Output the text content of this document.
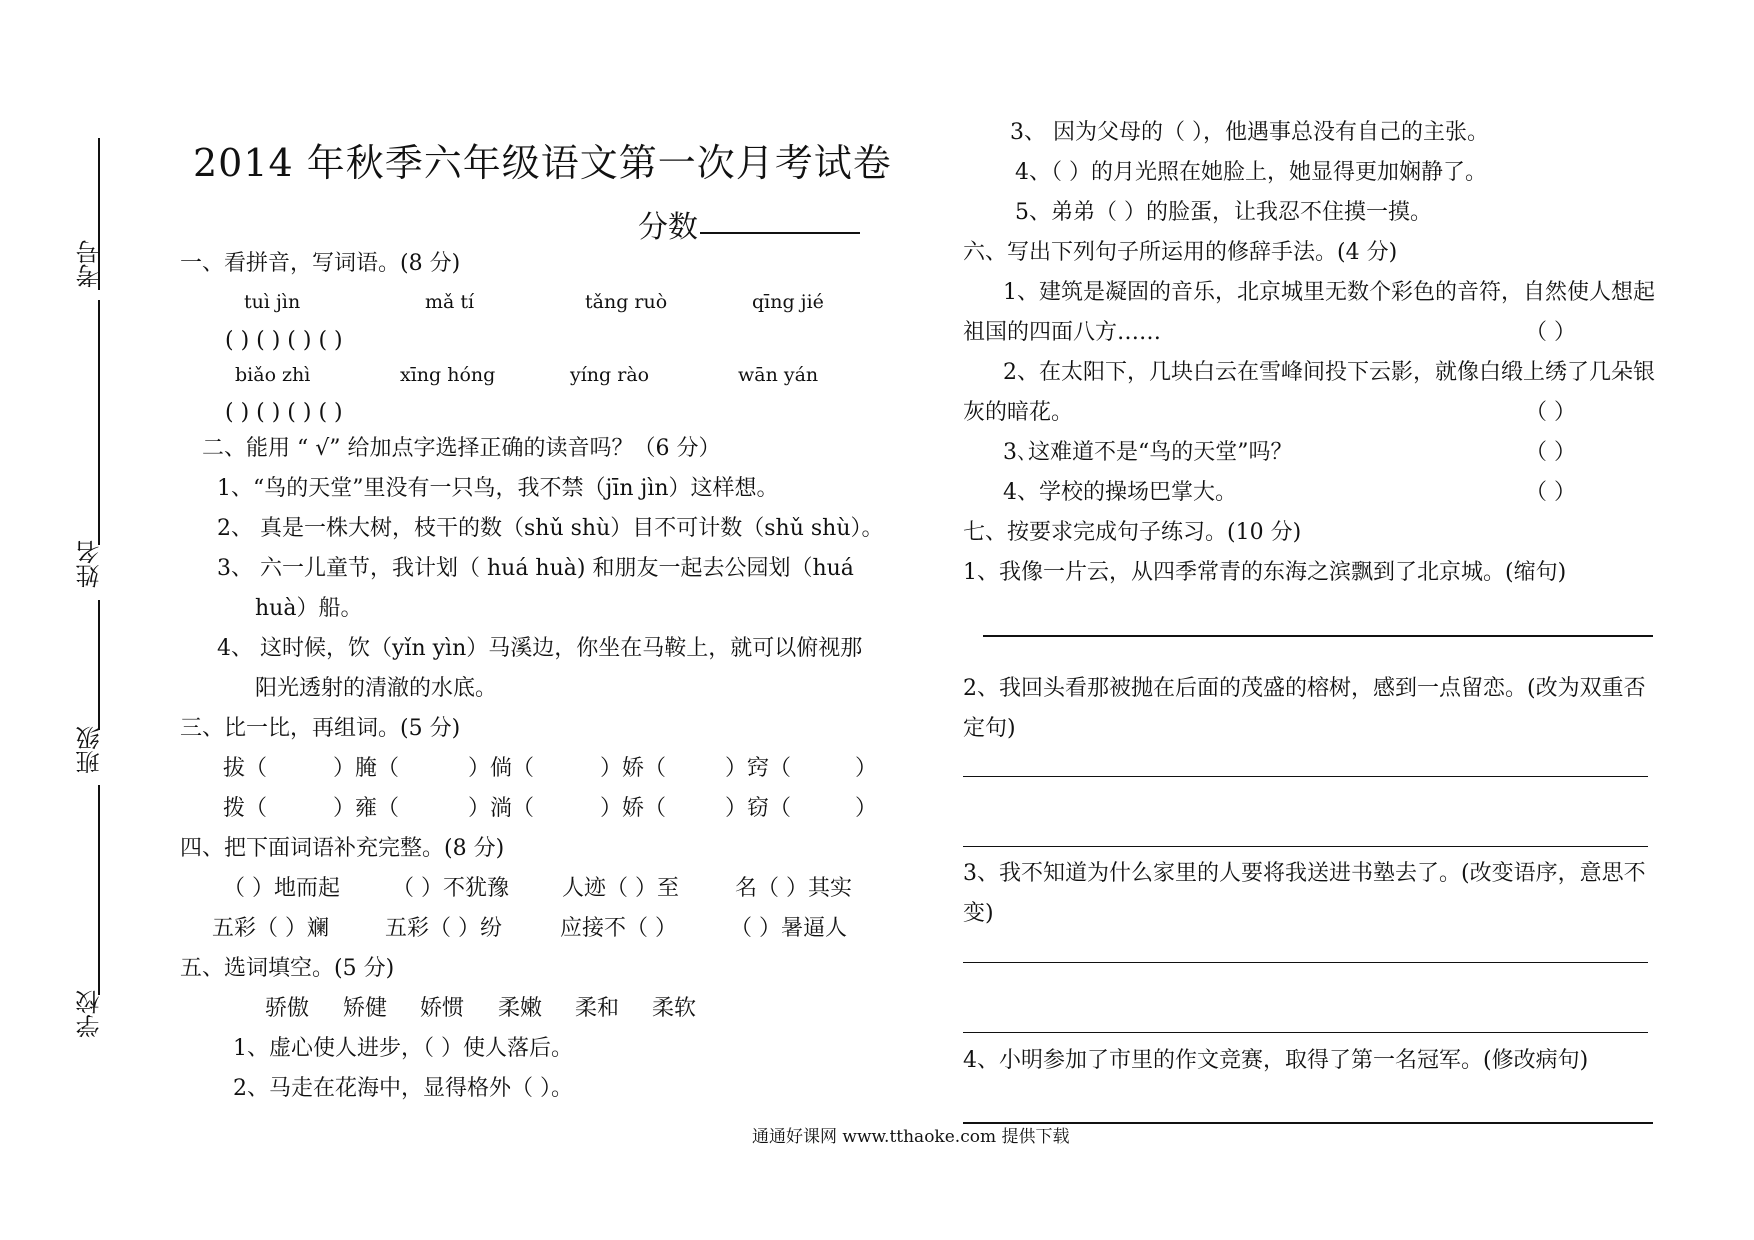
考号
姓名
班级
学校
2014 年秋季六年级语文第一次月考试卷
分数
一、看拼音，写词语。(8 分)
tuì jìn	mǎ tí	tǎng ruò	qīng jié
( ) ( ) ( ) ( )
biǎo zhì	xīng hóng	yíng rào	wān yán
( ) ( ) ( ) ( )
二、能用 “ √” 给加点字选择正确的读音吗？（6 分）
1、“鸟的天堂”里没有一只鸟，我不禁（jīn jìn）这样想。
2、 真是一株大树，枝干的数（shǔ shù）目不可计数（shǔ shù）。
3、 六一儿童节，我计划（ huá huà) 和朋友一起去公园划（huá
huà）船。
4、 这时候，饮（yǐn yìn）马溪边，你坐在马鞍上，就可以俯视那
阳光透射的清澈的水底。
三、比一比，再组词。(5 分)
拔（	）腌（	）倘（	）娇（	）窍（	）
拨（	）雍（	）淌（	）娇（	）窃（	）
四、把下面词语补充完整。(8 分)
（ ）地而起 （ ）不犹豫 人迹（ ）至	名（ ）其实
五彩（ ）斓	五彩（ ）纷	应接不（ ） （ ）暑逼人
五、选词填空。(5 分)
骄傲 矫健 娇惯 柔嫩 柔和 柔软
1、虚心使人进步，（ ）使人落后。
2、马走在花海中，显得格外（ ）。
3、 因为父母的（ ），他遇事总没有自己的主张。
4、（ ）的月光照在她脸上，她显得更加娴静了。
5、弟弟（ ）的脸蛋，让我忍不住摸一摸。
六、写出下列句子所运用的修辞手法。(4 分)
1、建筑是凝固的音乐，北京城里无数个彩色的音符，自然使人想起
祖国的四面八方……	（ ）
2、在太阳下，几块白云在雪峰间投下云影，就像白缎上绣了几朵银
灰的暗花。	（ ）
3､这难道不是“鸟的天堂”吗？	（ ）
4、学校的操场巴掌大。	（ ）
七、按要求完成句子练习。(10 分)
1、我像一片云，从四季常青的东海之滨飘到了北京城。(缩句)
2、我回头看那被抛在后面的茂盛的榕树，感到一点留恋。(改为双重否
定句)
3、我不知道为什么家里的人要将我送进书塾去了。(改变语序，意思不
变)
4、小明参加了市里的作文竞赛，取得了第一名冠军。(修改病句)
通通好课网 www.tthaoke.com 提供下载
